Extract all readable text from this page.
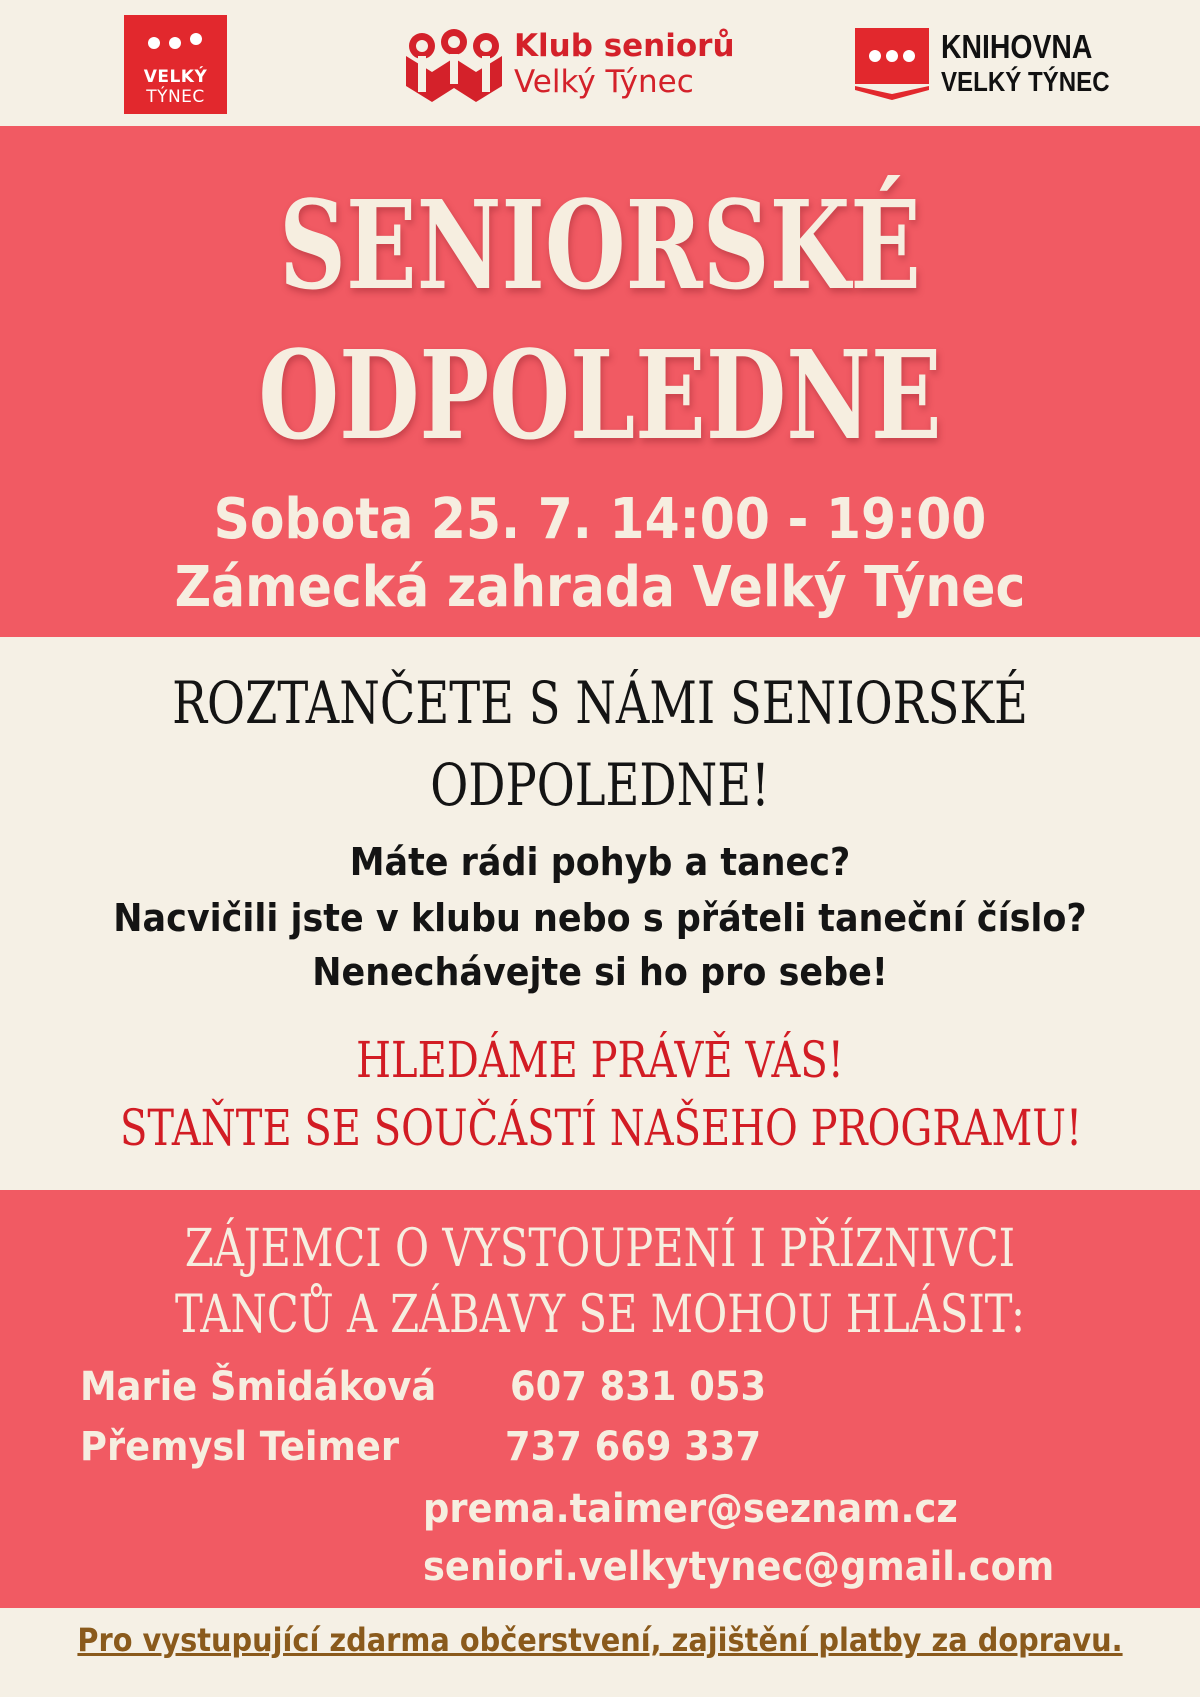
VELKÝ
TÝNEC
Klub seniorů
Velký Týnec
KNIHOVNA
VELKÝ TÝNEC
SENIORSKÉ
ODPOLEDNE
Sobota 25. 7. 14:00 - 19:00
Zámecká zahrada Velký Týnec
ROZTANČETE S NÁMI SENIORSKÉ
ODPOLEDNE!
Máte rádi pohyb a tanec?
Nacvičili jste v klubu nebo s přáteli taneční číslo?
Nenechávejte si ho pro sebe!
HLEDÁME PRÁVĚ VÁS!
STAŇTE SE SOUČÁSTÍ NAŠEHO PROGRAMU!
ZÁJEMCI O VYSTOUPENÍ I PŘÍZNIVCI
TANCŮ A ZÁBAVY SE MOHOU HLÁSIT:
Marie Šmidáková 607 831 053
Přemysl Teimer	737 669 337
prema.taimer@seznam.cz
seniori.velkytynec@gmail.com
Pro vystupující zdarma občerstvení, zajištění platby za dopravu.
